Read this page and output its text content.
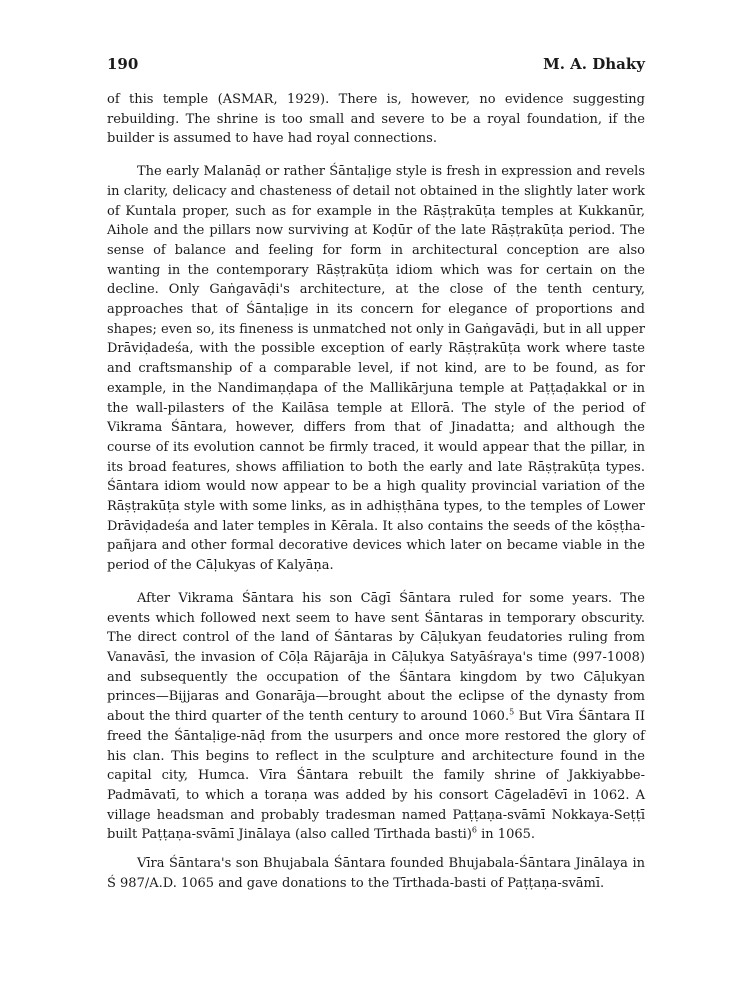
190	M. A. Dhaky

of this temple (ASMAR, 1929). There is, however, no evidence suggesting rebuilding. The shrine is too small and severe to be a royal foundation, if the builder is assumed to have had royal connections.

The early Malanāḍ or rather Śāntaḷige style is fresh in expression and revels in clarity, delicacy and chasteness of detail not obtained in the slightly later work of Kuntala proper, such as for example in the Rāṣṭrakūṭa temples at Kukkanūr, Aihole and the pillars now surviving at Koḍūr of the late Rāṣṭrakūṭa period. The sense of balance and feeling for form in architectural conception are also wanting in the contemporary Rāṣṭrakūṭa idiom which was for certain on the decline. Only Gaṅgavāḍi's architecture, at the close of the tenth century, approaches that of Śāntaḷige in its concern for elegance of proportions and shapes; even so, its fineness is unmatched not only in Gaṅgavāḍi, but in all upper Drāviḍadeśa, with the possible exception of early Rāṣṭrakūṭa work where taste and craftsmanship of a comparable level, if not kind, are to be found, as for example, in the Nandimaṇḍapa of the Mallikārjuna temple at Paṭṭaḍakkal or in the wall-pilasters of the Kailāsa temple at Ellorā. The style of the period of Vikrama Śāntara, however, differs from that of Jinadatta; and although the course of its evolution cannot be firmly traced, it would appear that the pillar, in its broad features, shows affiliation to both the early and late Rāṣṭrakūṭa types. Śāntara idiom would now appear to be a high quality provincial variation of the Rāṣṭrakūṭa style with some links, as in adhiṣṭhāna types, to the temples of Lower Drāviḍadeśa and later temples in Kērala. It also contains the seeds of the kōṣṭha-pañjara and other formal decorative devices which later on became viable in the period of the Cāḷukyas of Kalyāṇa.

After Vikrama Śāntara his son Cāgī Śāntara ruled for some years. The events which followed next seem to have sent Śāntaras in temporary obscurity. The direct control of the land of Śāntaras by Cāḷukyan feudatories ruling from Vanavāsī, the invasion of Cōḷa Rājarāja in Cāḷukya Satyāśraya's time (997-1008) and subsequently the occupation of the Śāntara kingdom by two Cāḷukyan princes—Bijjaras and Gonarāja—brought about the eclipse of the dynasty from about the third quarter of the tenth century to around 1060.$^5$ But Vīra Śāntara II freed the Śāntaḷige-nāḍ from the usurpers and once more restored the glory of his clan. This begins to reflect in the sculpture and architecture found in the capital city, Humca. Vīra Śāntara rebuilt the family shrine of Jakkiyabbe-Padmāvatī, to which a toraṇa was added by his consort Cāgeladēvī in 1062. A village headsman and probably tradesman named Paṭṭaṇa-svāmī Nokkaya-Seṭṭī built Paṭṭaṇa-svāmī Jinālaya (also called Tīrthada basti)$^6$ in 1065.

Vīra Śāntara's son Bhujabala Śāntara founded Bhujabala-Śāntara Jinālaya in Ś 987/A.D. 1065 and gave donations to the Tīrthada-basti of Paṭṭaṇa-svāmī.
